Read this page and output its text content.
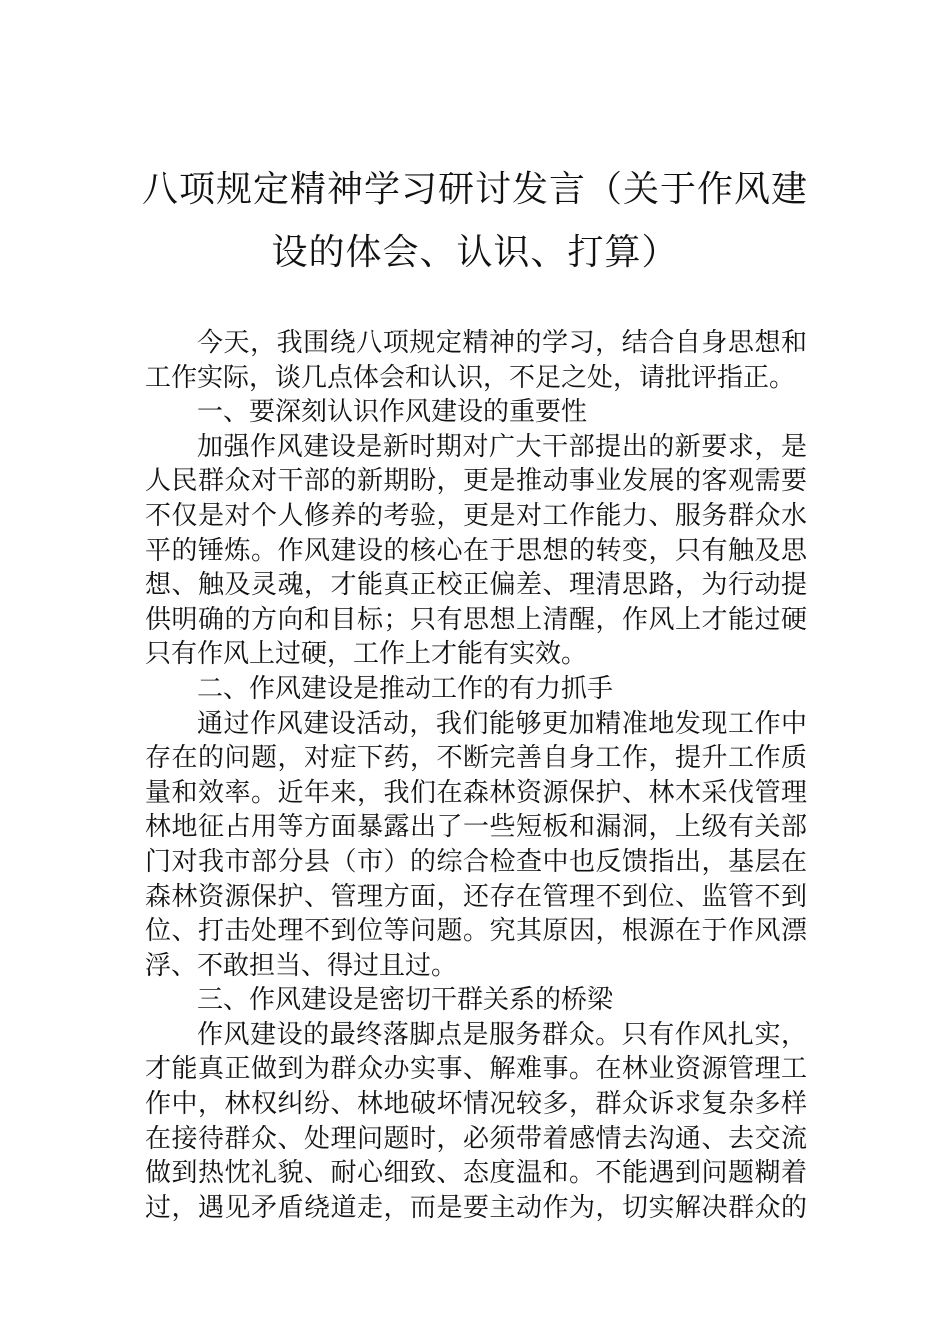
八项规定精神学习研讨发言（关于作风建
设的体会、认识、打算）
今天，我围绕八项规定精神的学习，结合自身思想和
工作实际，谈几点体会和认识，不足之处，请批评指正。
一、要深刻认识作风建设的重要性
加强作风建设是新时期对广大干部提出的新要求，是
人民群众对干部的新期盼，更是推动事业发展的客观需要
不仅是对个人修养的考验，更是对工作能力、服务群众水
平的锤炼。作风建设的核心在于思想的转变，只有触及思
想、触及灵魂，才能真正校正偏差、理清思路，为行动提
供明确的方向和目标；只有思想上清醒，作风上才能过硬
只有作风上过硬，工作上才能有实效。
二、作风建设是推动工作的有力抓手
通过作风建设活动，我们能够更加精准地发现工作中
存在的问题，对症下药，不断完善自身工作，提升工作质
量和效率。近年来，我们在森林资源保护、林木采伐管理
林地征占用等方面暴露出了一些短板和漏洞，上级有关部
门对我市部分县（市）的综合检查中也反馈指出，基层在
森林资源保护、管理方面，还存在管理不到位、监管不到
位、打击处理不到位等问题。究其原因，根源在于作风漂
浮、不敢担当、得过且过。
三、作风建设是密切干群关系的桥梁
作风建设的最终落脚点是服务群众。只有作风扎实，
才能真正做到为群众办实事、解难事。在林业资源管理工
作中，林权纠纷、林地破坏情况较多，群众诉求复杂多样
在接待群众、处理问题时，必须带着感情去沟通、去交流
做到热忱礼貌、耐心细致、态度温和。不能遇到问题糊着
过，遇见矛盾绕道走，而是要主动作为，切实解决群众的
